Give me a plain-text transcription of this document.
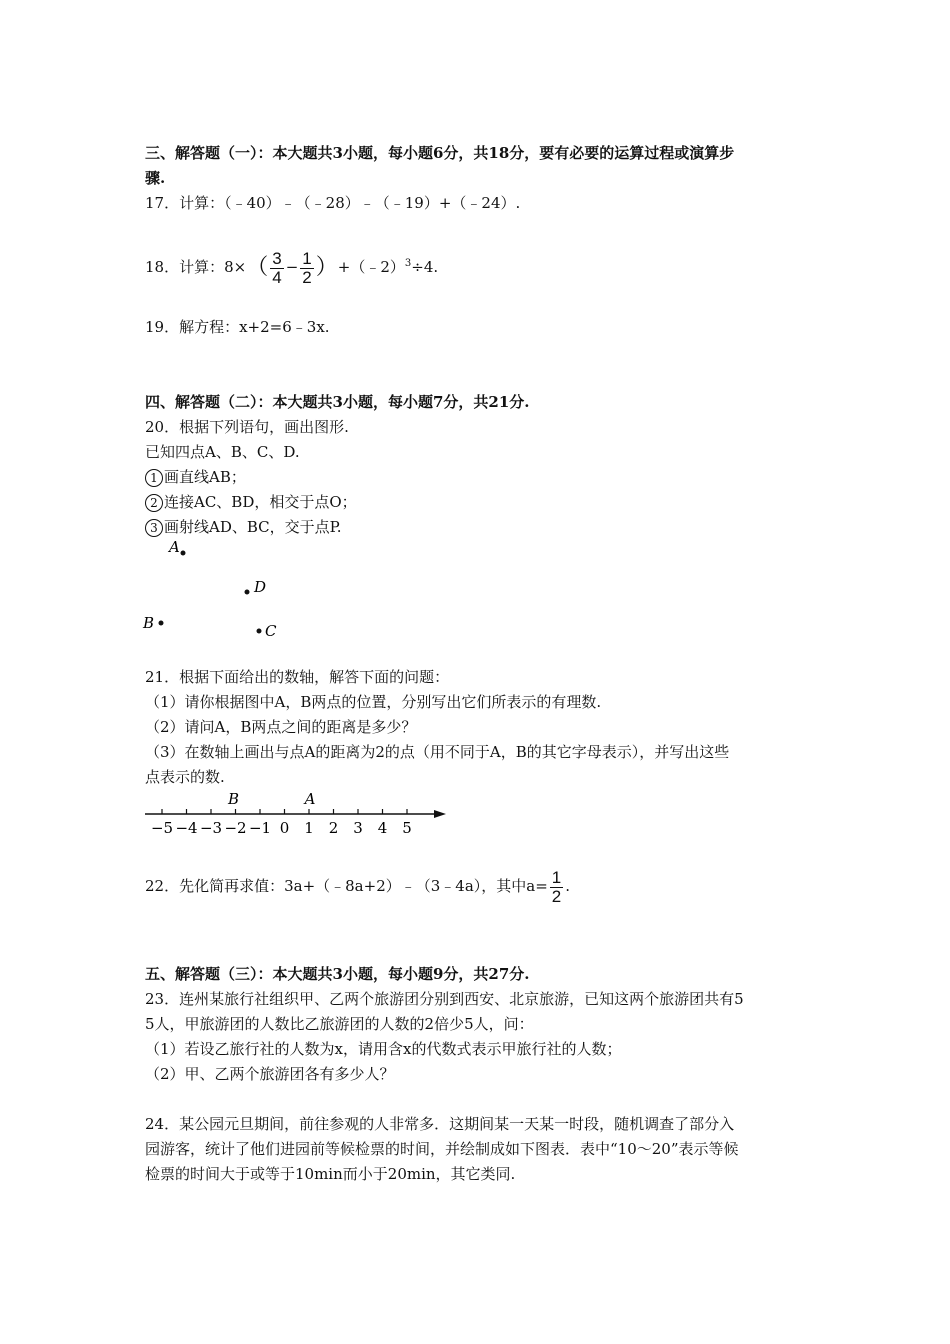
三、解答题（一）：本大题共3小题，每小题6分，共18分，要有必要的运算过程或演算步
骤.
17．计算：（﹣40）﹣（﹣28）﹣（﹣19）+（﹣24）.
18．计算：$8\times( \frac{3}{4} - \frac{1}{2}$ ）+（﹣2）$^3$÷4.
19．解方程：x+2=6﹣3x.
四、解答题（二）：本大题共3小题，每小题7分，共21分.
20．根据下列语句，画出图形.
已知四点A、B、C、D.
1 画直线AB；
2 连接AC、BD，相交于点O；
3 画射线AD、BC，交于点P.
A
D
B	C
21．根据下面给出的数轴，解答下面的问题：
（1）请你根据图中A，B两点的位置，分别写出它们所表示的有理数.
（2）请问A，B两点之间的距离是多少？
（3）在数轴上画出与点A的距离为2的点（用不同于A，B的其它字母表示），并写出这些
点表示的数.
−5 −4 −3 −2 −1 0 1 2 3 4 5
B	A
22．先化简再求值：3a+（﹣8a+2）﹣（3﹣4a），其中$a= \frac{1}{2}$ .
五、解答题（三）：本大题共3小题，每小题9分，共27分.
23．连州某旅行社组织甲、乙两个旅游团分别到西安、北京旅游，已知这两个旅游团共有5
5人，甲旅游团的人数比乙旅游团的人数的2倍少5人，问：
（1）若设乙旅行社的人数为x，请用含x的代数式表示甲旅行社的人数；
（2）甲、乙两个旅游团各有多少人？
24．某公园元旦期间，前往参观的人非常多．这期间某一天某一时段，随机调查了部分入
园游客，统计了他们进园前等候检票的时间，并绘制成如下图表．表中“10～20”表示等候
检票的时间大于或等于10min而小于20min，其它类同.
